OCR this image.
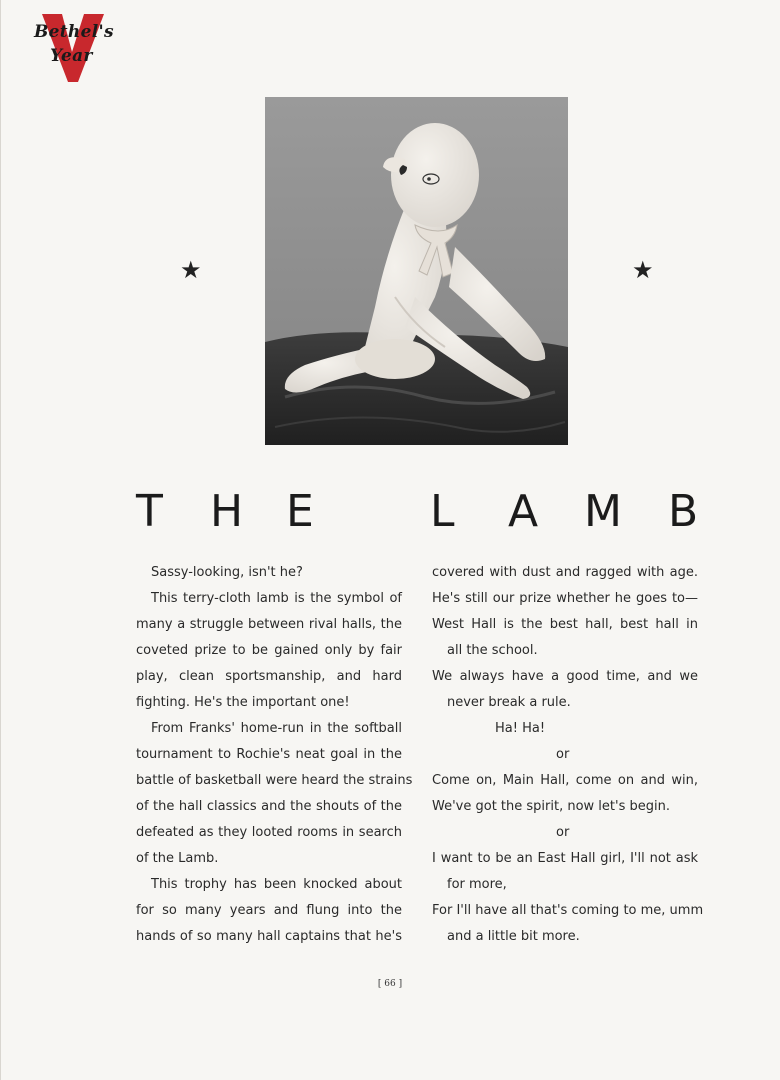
Bethel's
Year
★	★
T H E	L A M B
Sassy-looking, isn't he?
This terry-cloth lamb is the symbol of
many a struggle between rival halls, the
coveted prize to be gained only by fair
play, clean sportsmanship, and hard
fighting. He's the important one!
From Franks' home-run in the softball
tournament to Rochie's neat goal in the
battle of basketball were heard the strains
of the hall classics and the shouts of the
defeated as they looted rooms in search
of the Lamb.
This trophy has been knocked about
for so many years and flung into the
hands of so many hall captains that he's
covered with dust and ragged with age.
He's still our prize whether he goes to—
West Hall is the best hall, best hall in
all the school.
We always have a good time, and we
never break a rule.
Ha! Ha!
or
Come on, Main Hall, come on and win,
We've got the spirit, now let's begin.
or
I want to be an East Hall girl, I'll not ask
for more,
For I'll have all that's coming to me, umm
and a little bit more.
[ 66 ]
